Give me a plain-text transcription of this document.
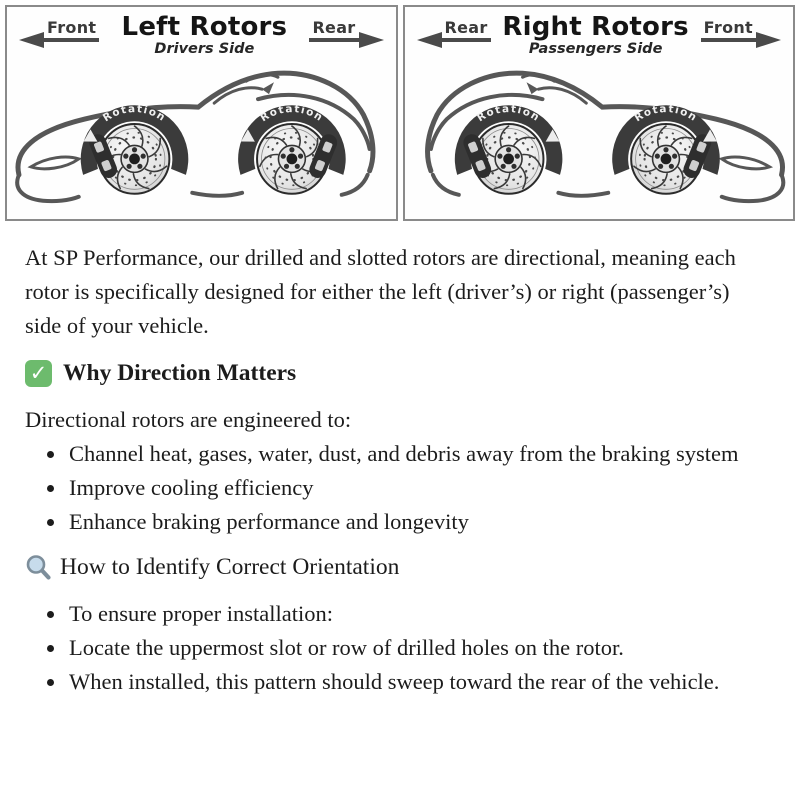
Front Left Rotors
Drivers Side
Rear
Rotation	Rotation
Rear Right Rotors
Passengers Side
Front
Rotation	Rotation

At SP Performance, our drilled and slotted rotors are directional, meaning each rotor is specifically designed for either the left (driver’s) or right (passenger’s) side of your vehicle.

✓ Why Direction Matters

Directional rotors are engineered to:

• Channel heat, gases, water, dust, and debris away from the braking system
• Improve cooling efficiency
• Enhance braking performance and longevity
How to Identify Correct Orientation
• To ensure proper installation:
• Locate the uppermost slot or row of drilled holes on the rotor.
• When installed, this pattern should sweep toward the rear of the vehicle.
